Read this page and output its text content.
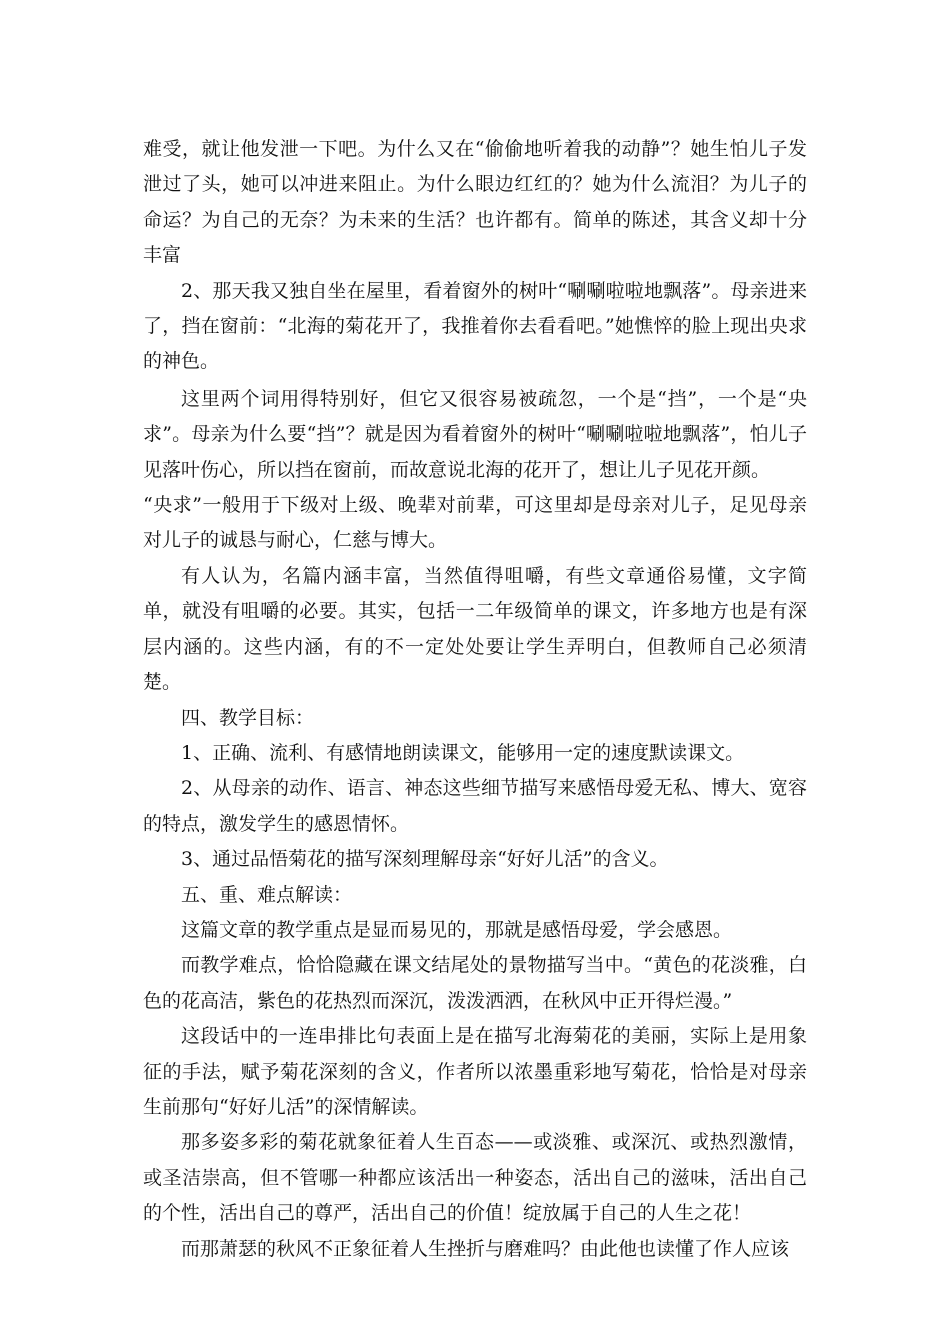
难受，就让他发泄一下吧。为什么又在“偷偷地听着我的动静”？她生怕儿子发泄过了头，她可以冲进来阻止。为什么眼边红红的？她为什么流泪？为儿子的命运？为自己的无奈？为未来的生活？也许都有。简单的陈述，其含义却十分丰富

2、那天我又独自坐在屋里，看着窗外的树叶“唰唰啦啦地飘落”。母亲进来了，挡在窗前：“北海的菊花开了，我推着你去看看吧。”她憔悴的脸上现出央求的神色。

这里两个词用得特别好，但它又很容易被疏忽，一个是“挡”，一个是“央求”。母亲为什么要“挡”？就是因为看着窗外的树叶“唰唰啦啦地飘落”，怕儿子见落叶伤心，所以挡在窗前，而故意说北海的花开了，想让儿子见花开颜。

“央求”一般用于下级对上级、晚辈对前辈，可这里却是母亲对儿子，足见母亲对儿子的诚恳与耐心，仁慈与博大。

有人认为，名篇内涵丰富，当然值得咀嚼，有些文章通俗易懂，文字简单，就没有咀嚼的必要。其实，包括一二年级简单的课文，许多地方也是有深层内涵的。这些内涵，有的不一定处处要让学生弄明白，但教师自己必须清楚。

四、教学目标：

1、正确、流利、有感情地朗读课文，能够用一定的速度默读课文。

2、从母亲的动作、语言、神态这些细节描写来感悟母爱无私、博大、宽容的特点，激发学生的感恩情怀。

3、通过品悟菊花的描写深刻理解母亲“好好儿活”的含义。

五、重、难点解读：

这篇文章的教学重点是显而易见的，那就是感悟母爱，学会感恩。

而教学难点，恰恰隐藏在课文结尾处的景物描写当中。“黄色的花淡雅，白色的花高洁，紫色的花热烈而深沉，泼泼洒洒，在秋风中正开得烂漫。”

这段话中的一连串排比句表面上是在描写北海菊花的美丽，实际上是用象征的手法，赋予菊花深刻的含义，作者所以浓墨重彩地写菊花，恰恰是对母亲生前那句“好好儿活”的深情解读。

那多姿多彩的菊花就象征着人生百态——或淡雅、或深沉、或热烈激情，或圣洁崇高，但不管哪一种都应该活出一种姿态，活出自己的滋味，活出自己的个性，活出自己的尊严，活出自己的价值！绽放属于自己的人生之花！

而那萧瑟的秋风不正象征着人生挫折与磨难吗？由此他也读懂了作人应该
